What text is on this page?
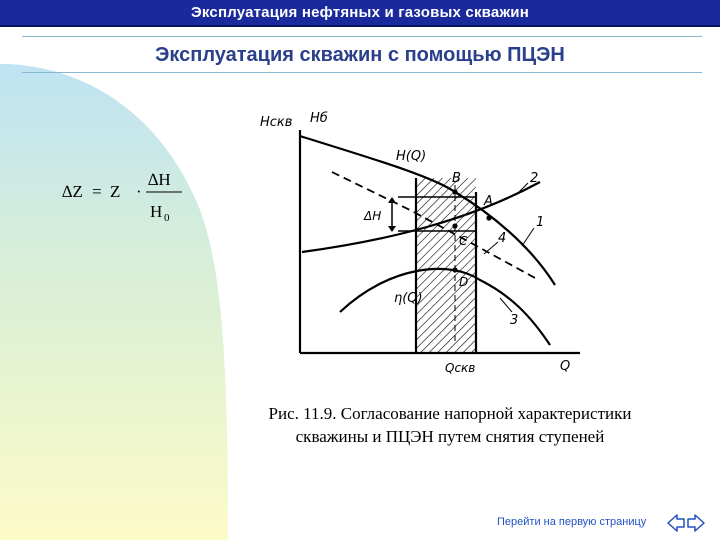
Эксплуатация нефтяных и газовых скважин
Эксплуатация скважин с помощью ПЦЭН
∆Z = Z ·
∆H
H 0
Hскв Hб
H(Q)
B
A
C
D
ΔH
η(Q)
2
1
4
3
Qскв	Q
Рис. 11.9. Согласование напорной характеристики
скважины и ПЦЭН путем снятия ступеней
Перейти на первую страницу
